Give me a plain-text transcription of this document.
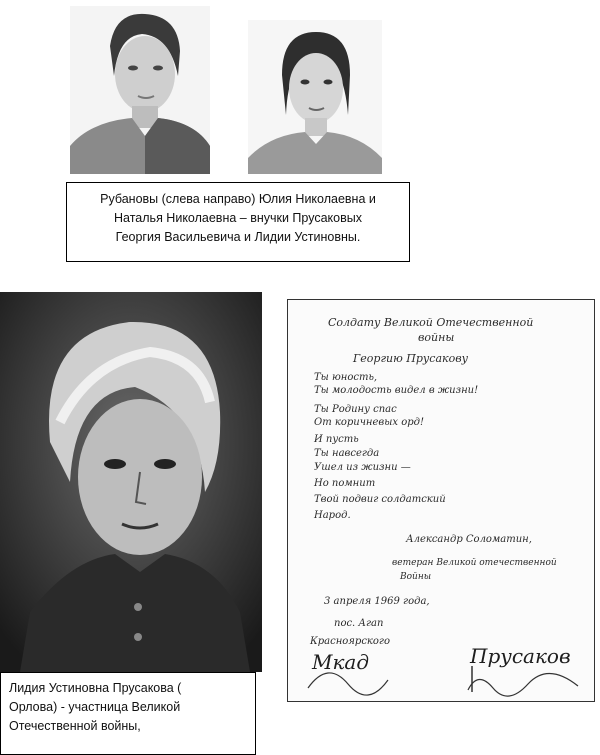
Рубановы (слева направо) Юлия Николаевна и
Наталья Николаевна – внучки Прусаковых
Георгия Васильевича и Лидии Устиновны.
Лидия Устиновна Прусакова (
Орлова) - участница Великой
Отечественной войны,
Солдату Великой Отечественной
войны
Георгию Прусакову
Ты юность,
Ты молодость видел в жизни!
Ты Родину спас
От коричневых орд!
И пусть
Ты навсегда
Ушел из жизни —
Но помнит
Твой подвиг солдатский
Народ.
Александр Соломатин,
ветеран Великой отечественной
Войны
3 апреля 1969 года,
пос. Агап
Красноярского
Мкад	Прусаков
